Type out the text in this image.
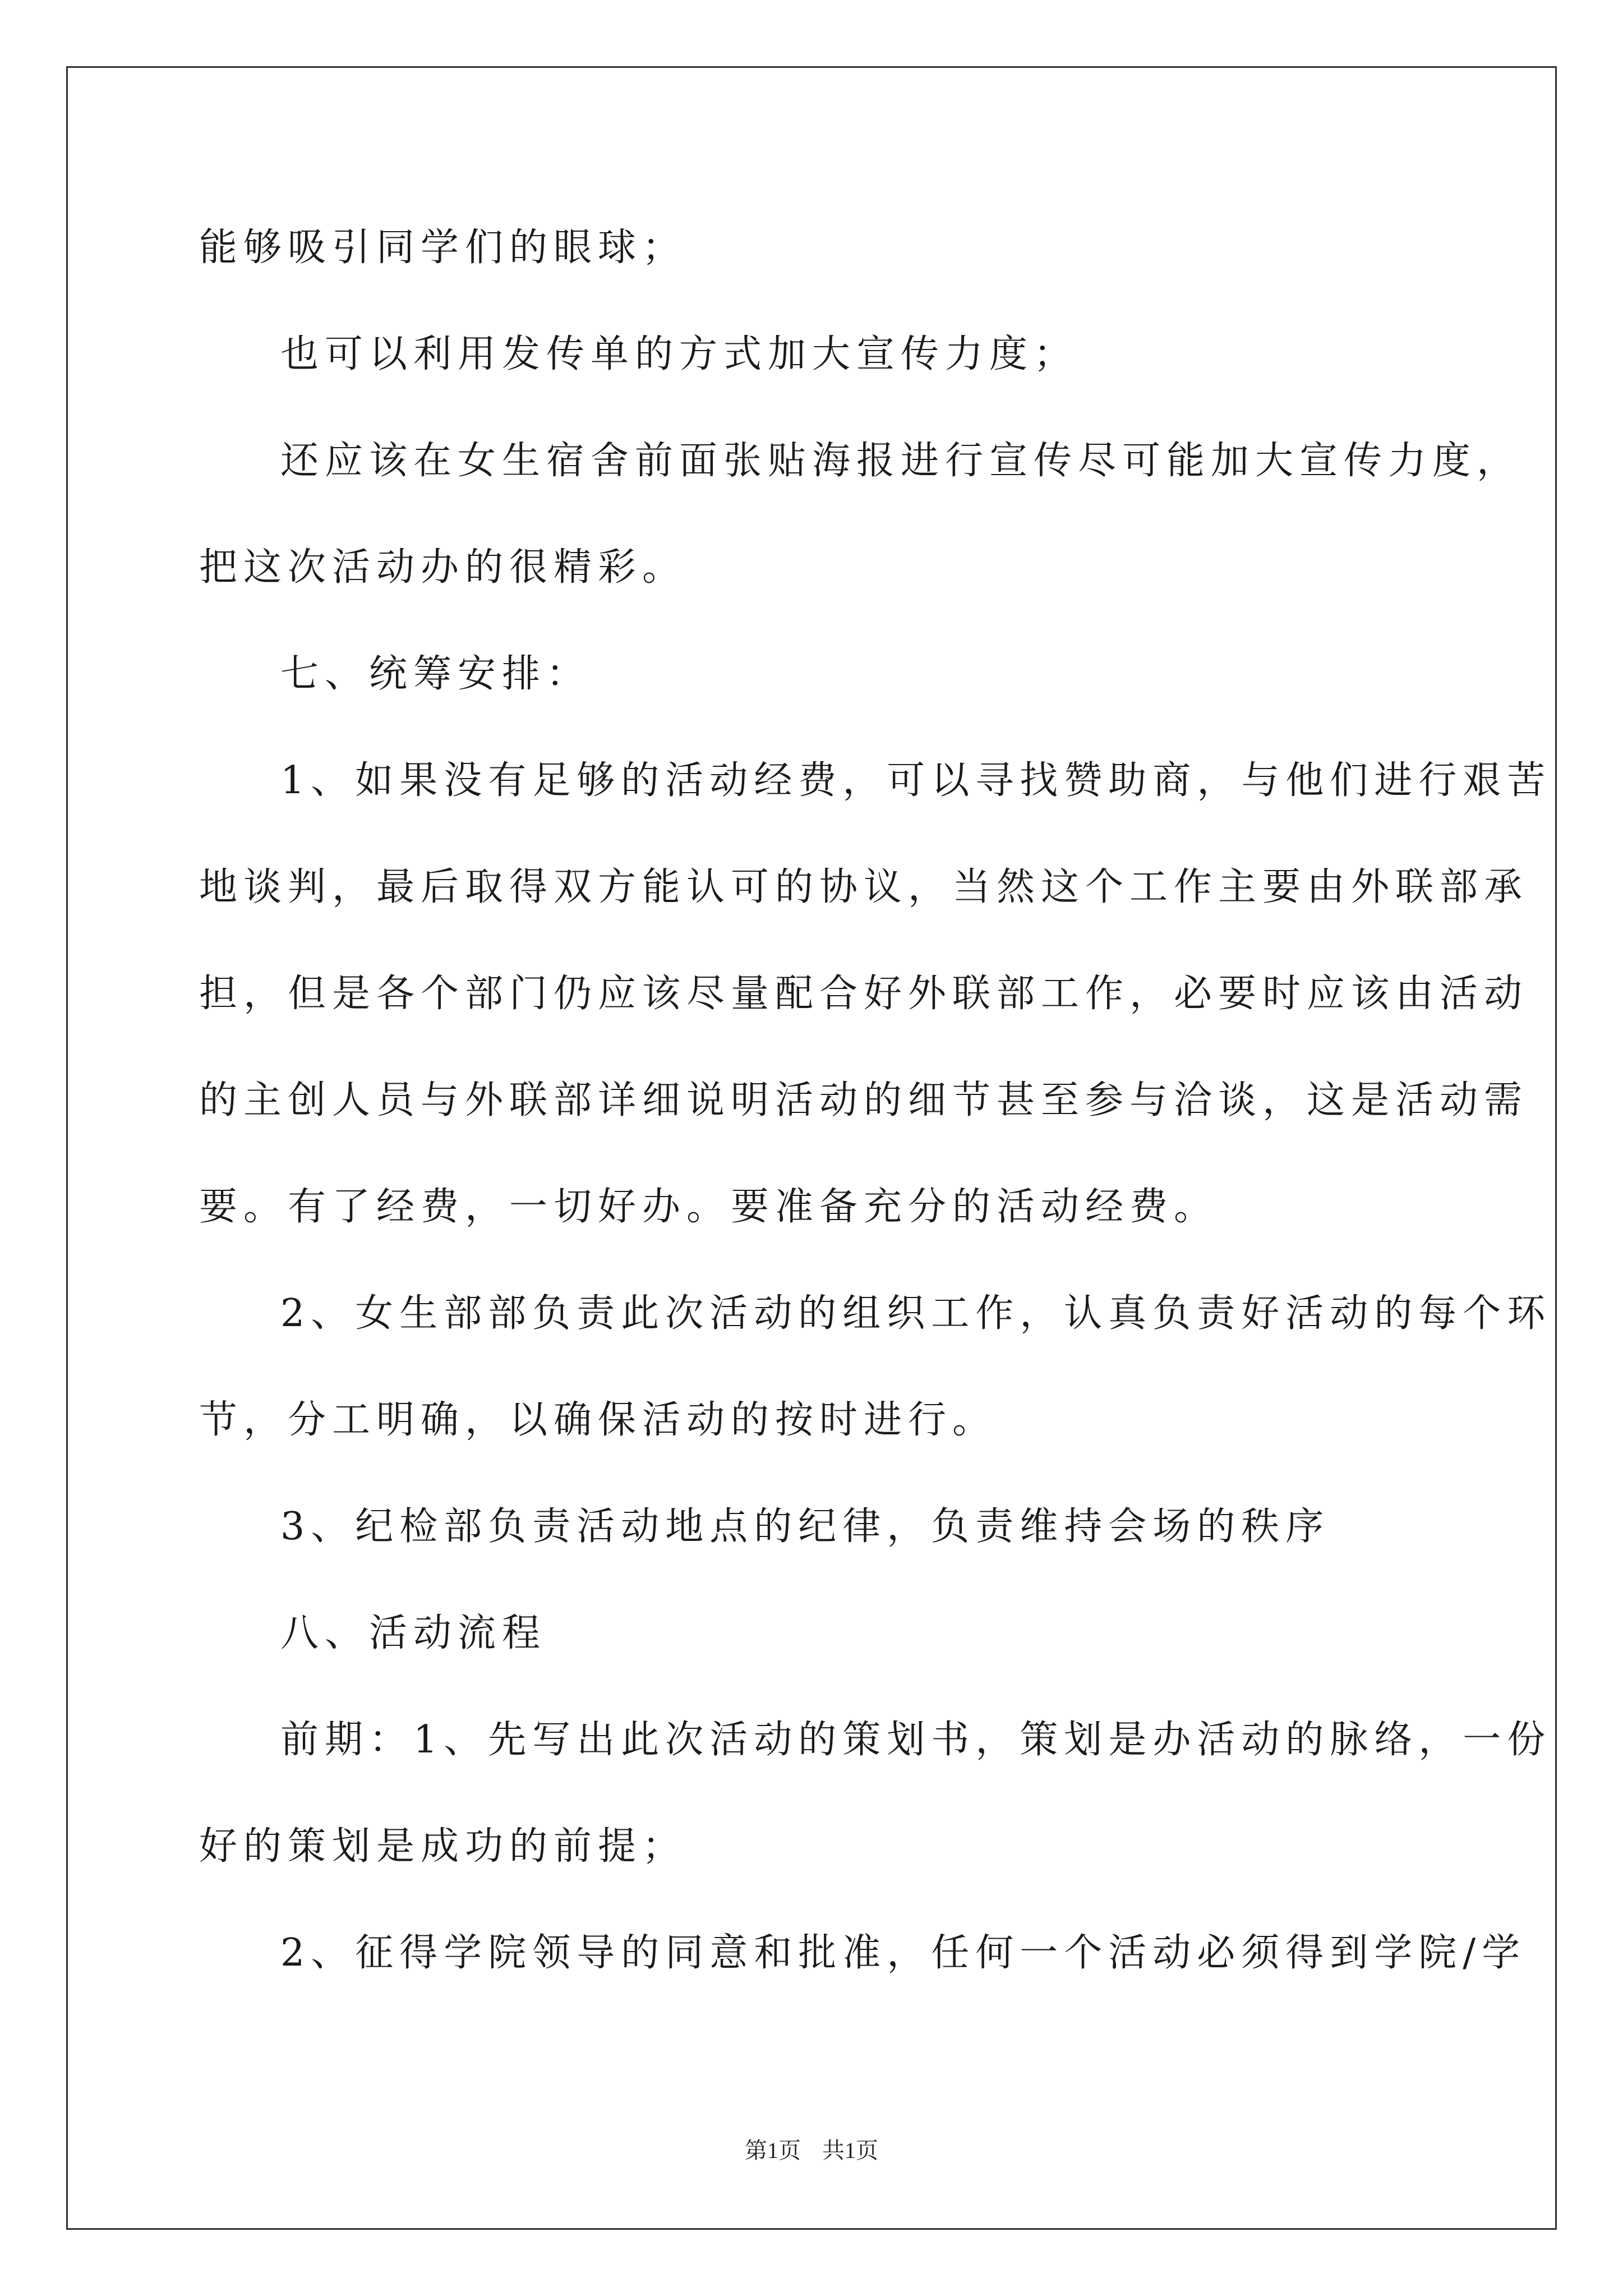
能够吸引同学们的眼球；
也可以利用发传单的方式加大宣传力度；
还应该在女生宿舍前面张贴海报进行宣传尽可能加大宣传力度，
把这次活动办的很精彩。
七、统筹安排：
1、如果没有足够的活动经费，可以寻找赞助商，与他们进行艰苦
地谈判，最后取得双方能认可的协议，当然这个工作主要由外联部承
担，但是各个部门仍应该尽量配合好外联部工作，必要时应该由活动
的主创人员与外联部详细说明活动的细节甚至参与洽谈，这是活动需
要。有了经费，一切好办。要准备充分的活动经费。
2、女生部部负责此次活动的组织工作，认真负责好活动的每个环
节，分工明确，以确保活动的按时进行。
3、纪检部负责活动地点的纪律，负责维持会场的秩序
八、活动流程
前期：1、先写出此次活动的策划书，策划是办活动的脉络，一份
好的策划是成功的前提；
2、征得学院领导的同意和批准，任何一个活动必须得到学院/学
第1页 共1页
